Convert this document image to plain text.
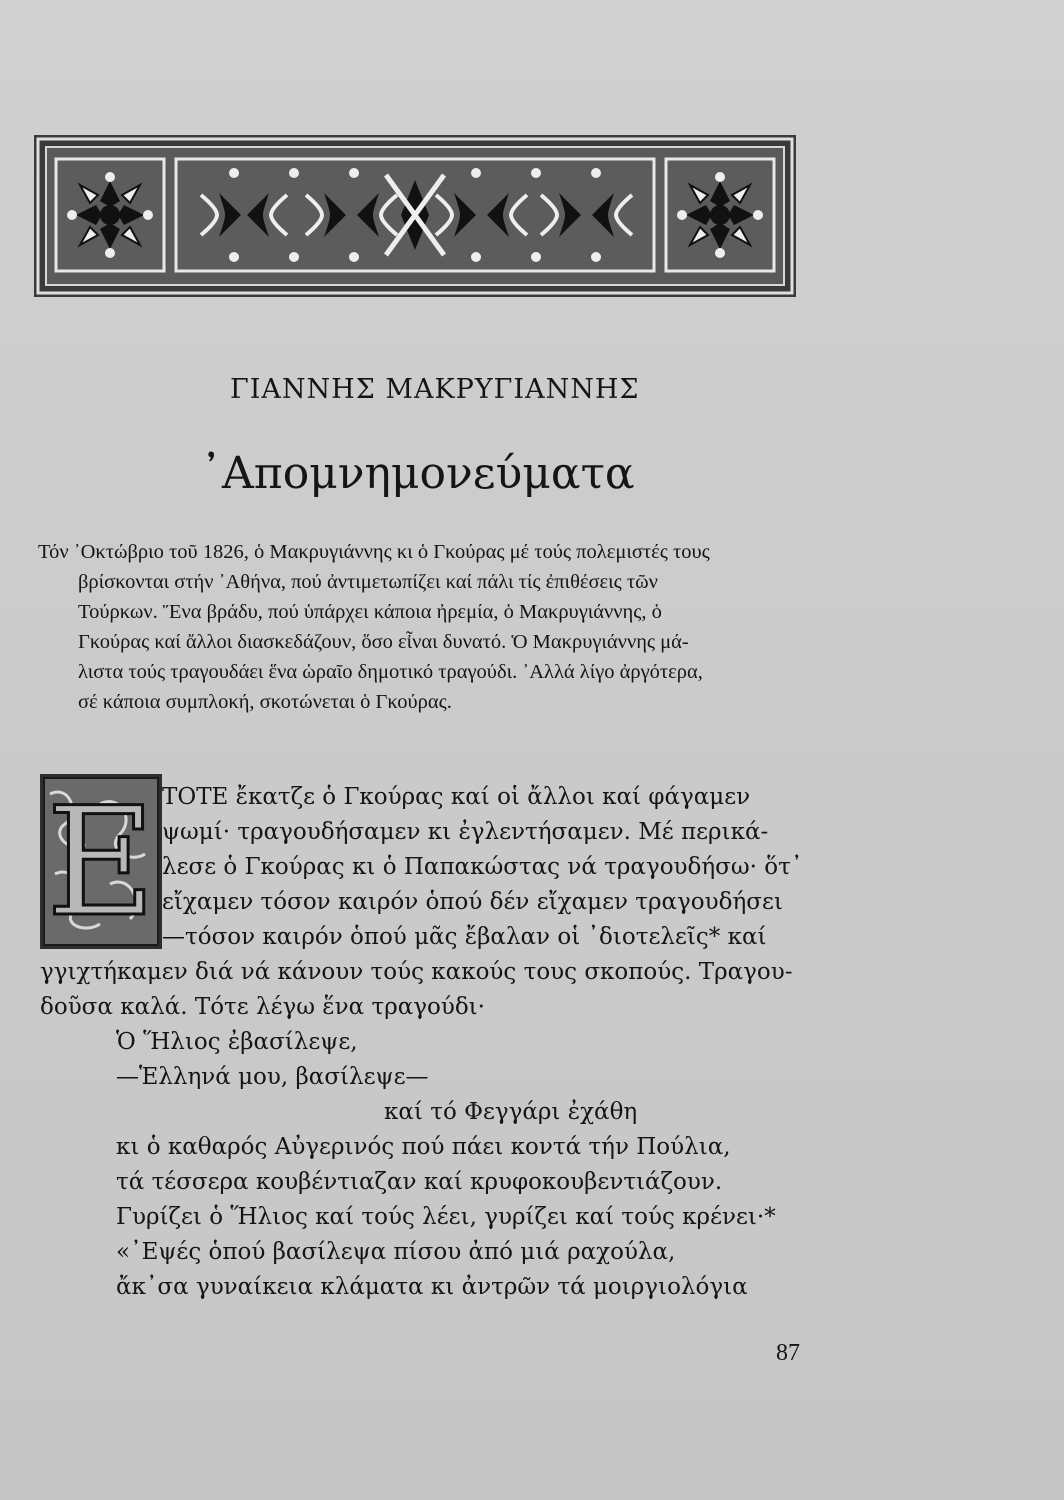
ΓΙΑΝΝΗΣ ΜΑΚΡΥΓΙΑΝΝΗΣ
᾿Απομνημονεύματα
Τόν ᾿Οκτώβριο τοῦ 1826, ὁ Μακρυγιάννης κι ὁ Γκούρας μέ τούς πολεμιστές τους
βρίσκονται στήν ᾿Αθήνα, πού ἀντιμετωπίζει καί πάλι τίς ἐπιθέσεις τῶν
Τούρκων. Ἕνα βράδυ, πού ὑπάρχει κάποια ἠρεμία, ὁ Μακρυγιάννης, ὁ
Γκούρας καί ἄλλοι διασκεδάζουν, ὅσο εἶναι δυνατό. Ὁ Μακρυγιάννης μά-
λιστα τούς τραγουδάει ἕνα ὡραῖο δημοτικό τραγούδι. ᾿Αλλά λίγο ἀργότερα,
σέ κάποια συμπλοκή, σκοτώνεται ὁ Γκούρας.
Ε ΤΟΤΕ ἔκατζε ὁ Γκούρας καί οἱ ἄλλοι καί φάγαμεν
ψωμί· τραγουδήσαμεν κι ἐγλεντήσαμεν. Μέ περικά-
λεσε ὁ Γκούρας κι ὁ Παπακώστας νά τραγουδήσω· ὅτ᾿
εἴχαμεν τόσον καιρόν ὁπού δέν εἴχαμεν τραγουδήσει
—τόσον καιρόν ὁπού μᾶς ἔβαλαν οἱ ᾿διοτελεῖς* καί
γγιχτήκαμεν διά νά κάνουν τούς κακούς τους σκοπούς. Τραγου-
δοῦσα καλά. Τότε λέγω ἕνα τραγούδι·
Ὁ Ἥλιος ἐβασίλεψε,
—Ἑλληνά μου, βασίλεψε—
καί τό Φεγγάρι ἐχάθη
κι ὁ καθαρός Αὐγερινός πού πάει κοντά τήν Πούλια,
τά τέσσερα κουβέντιαζαν καί κρυφοκουβεντιάζουν.
Γυρίζει ὁ Ἥλιος καί τούς λέει, γυρίζει καί τούς κρένει·*
«᾿Εψές ὁπού βασίλεψα πίσου ἀπό μιά ραχούλα,
ἄκ᾿σα γυναίκεια κλάματα κι ἀντρῶν τά μοιργιολόγια
87
